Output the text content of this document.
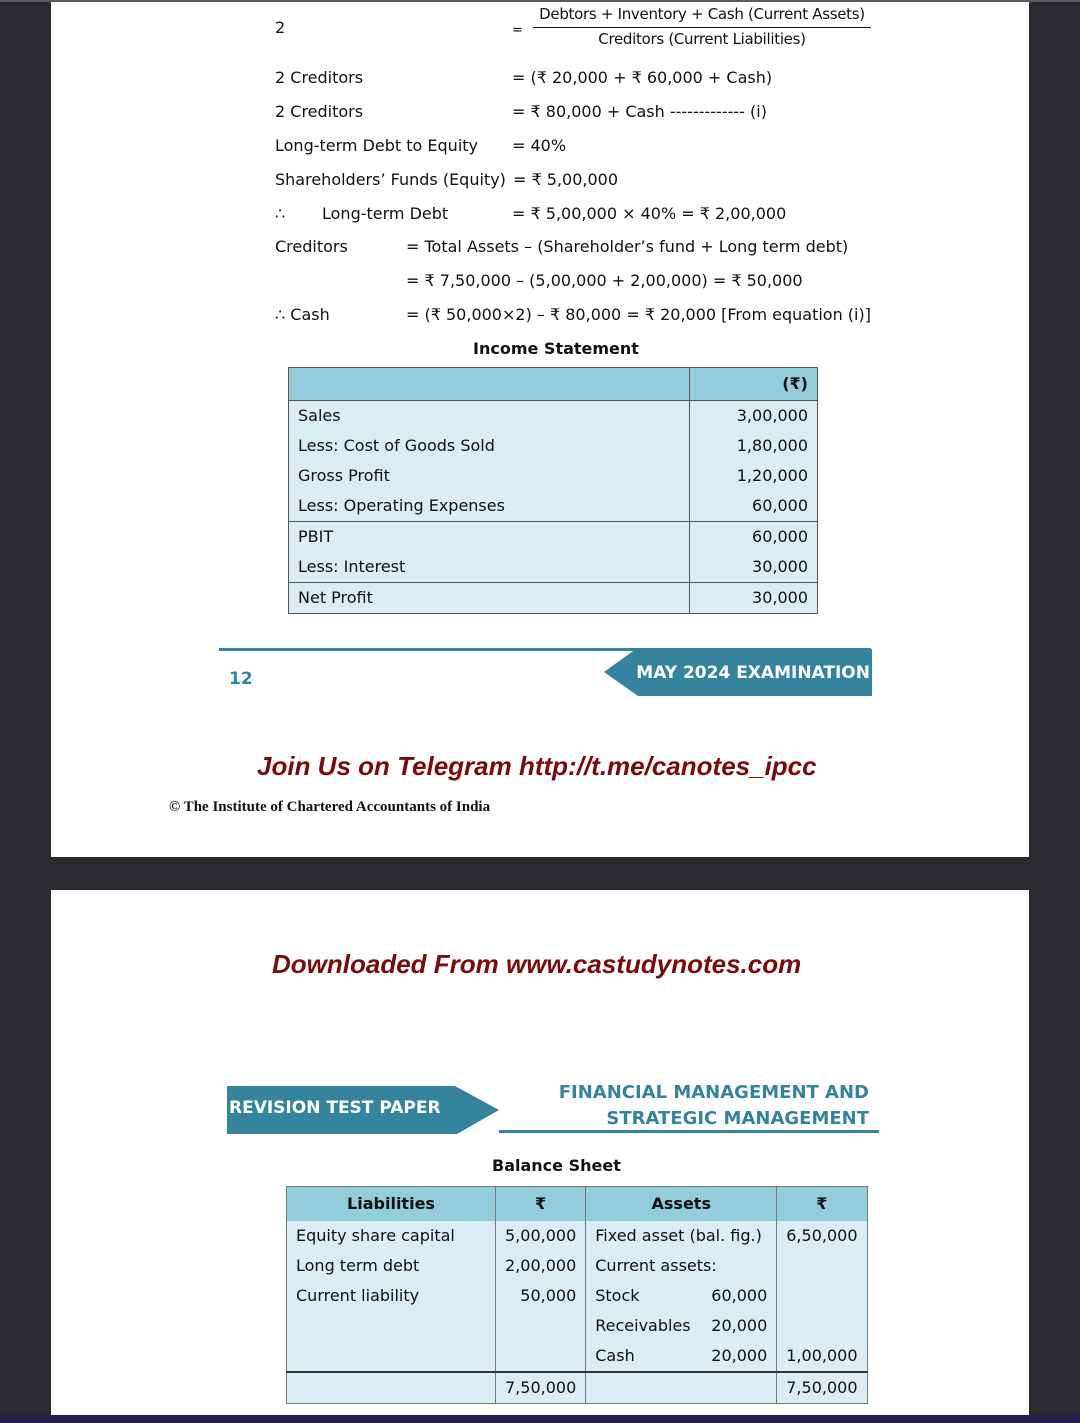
2	=
Debtors + Inventory + Cash (Current Assets)
Creditors (Current Liabilities)
2 Creditors	= (₹ 20,000 + ₹ 60,000 + Cash)
2 Creditors	= ₹ 80,000 + Cash ------------- (i)
Long-term Debt to Equity = 40%
Shareholders’ Funds (Equity) = ₹ 5,00,000
∴ Long-term Debt	= ₹ 5,00,000 × 40% = ₹ 2,00,000
Creditors	= Total Assets – (Shareholder’s fund + Long term debt)
= ₹ 7,50,000 – (5,00,000 + 2,00,000) = ₹ 50,000
∴ Cash	= (₹ 50,000×2) – ₹ 80,000 = ₹ 20,000 [From equation (i)]
Income Statement
	(₹)
Sales	3,00,000
Less: Cost of Goods Sold	1,80,000
Gross Profit	1,20,000
Less: Operating Expenses	60,000
PBIT	60,000
Less: Interest	30,000
Net Profit	30,000
12	MAY 2024 EXAMINATION
Join Us on Telegram http://t.me/canotes_ipcc
© The Institute of Chartered Accountants of India
Downloaded From www.castudynotes.com
REVISION TEST PAPER
FINANCIAL MANAGEMENT AND
STRATEGIC MANAGEMENT
Balance Sheet
Liabilities	₹	Assets	₹
Equity share capital	5,00,000	Fixed asset (bal. fig.)	6,50,000
Long term debt	2,00,000	Current assets:	
Current liability	50,000	Stock 60,000	
		Receivables 20,000	
		Cash 20,000	1,00,000
	7,50,000		7,50,000
